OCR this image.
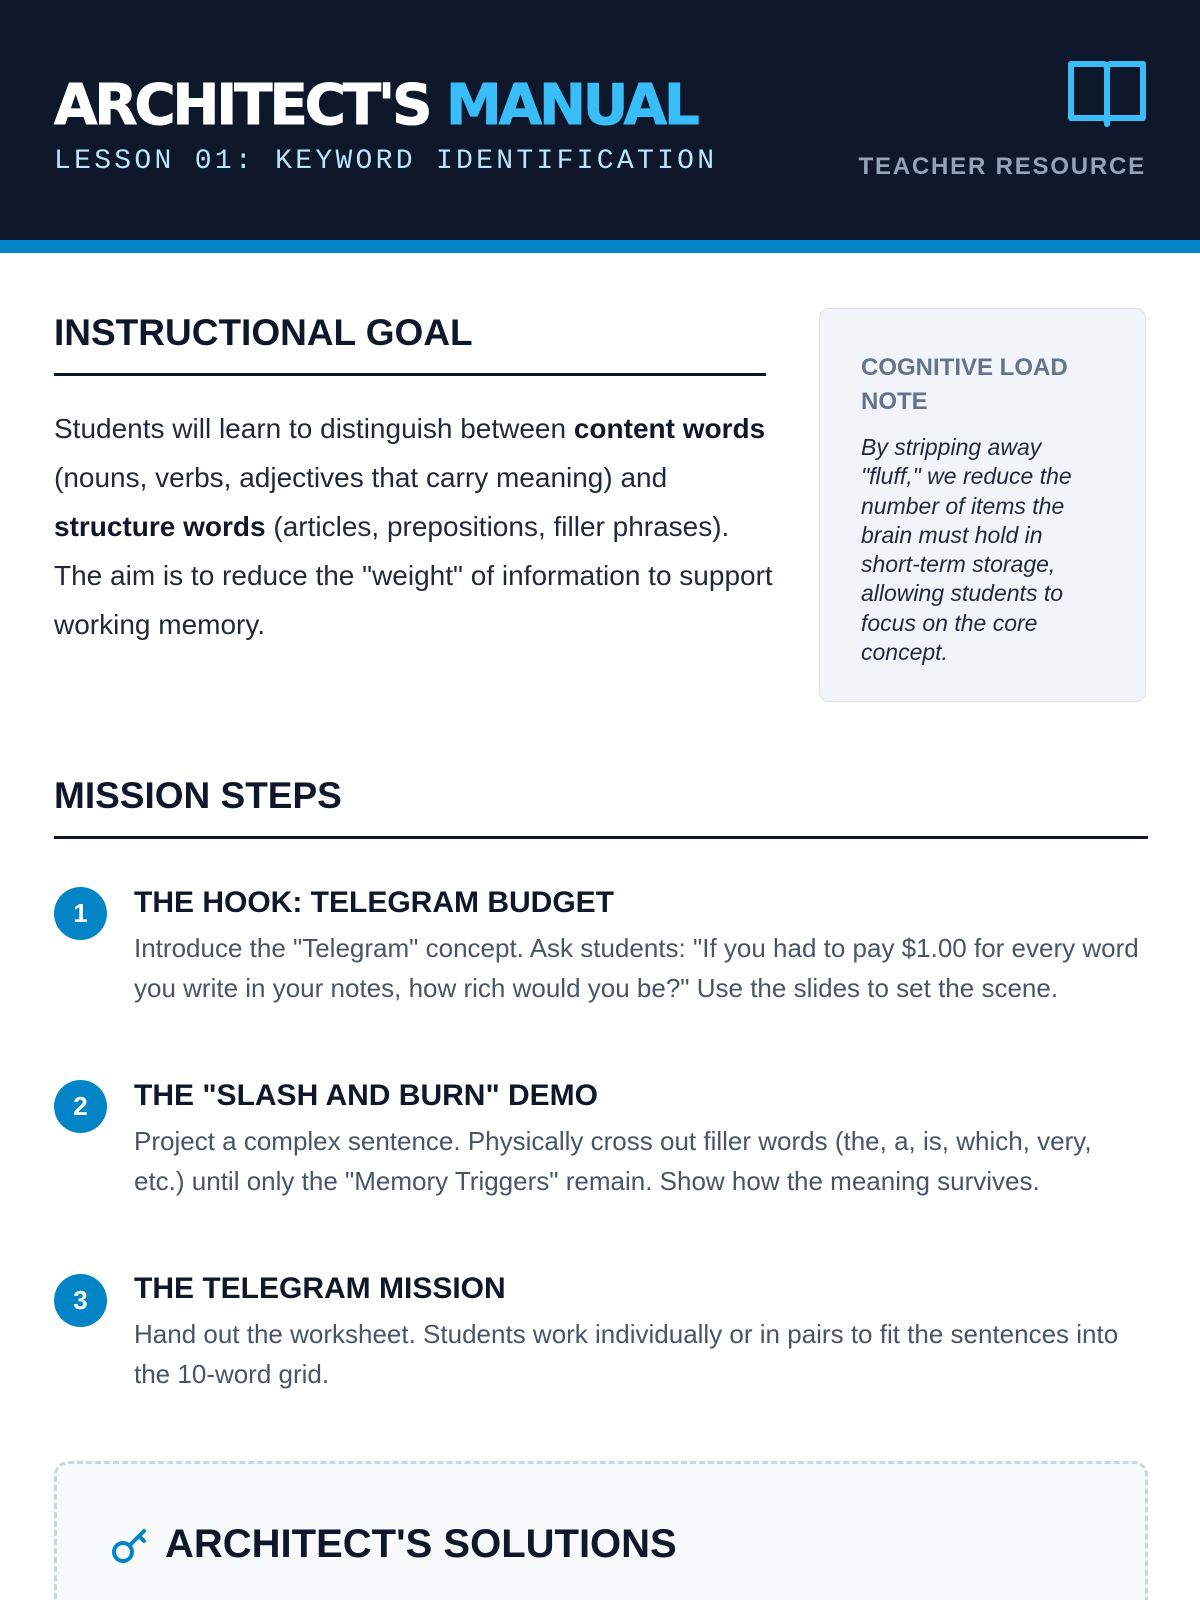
ARCHITECT'S MANUAL
LESSON 01: KEYWORD IDENTIFICATION	TEACHER RESOURCE
INSTRUCTIONAL GOAL

Students will learn to distinguish between content words (nouns, verbs, adjectives that carry meaning) and structure words (articles, prepositions, filler phrases). The aim is to reduce the "weight" of information to support working memory.

COGNITIVE LOAD NOTE

By stripping away "fluff," we reduce the number of items the brain must hold in short-term storage, allowing students to focus on the core concept.

MISSION STEPS
1	THE HOOK: TELEGRAM BUDGET

Introduce the "Telegram" concept. Ask students: "If you had to pay $1.00 for every word you write in your notes, how rich would you be?" Use the slides to set the scene.

2	THE "SLASH AND BURN" DEMO

Project a complex sentence. Physically cross out filler words (the, a, is, which, very, etc.) until only the "Memory Triggers" remain. Show how the meaning survives.

3	THE TELEGRAM MISSION

Hand out the worksheet. Students work individually or in pairs to fit the sentences into the 10-word grid.

ARCHITECT'S SOLUTIONS
